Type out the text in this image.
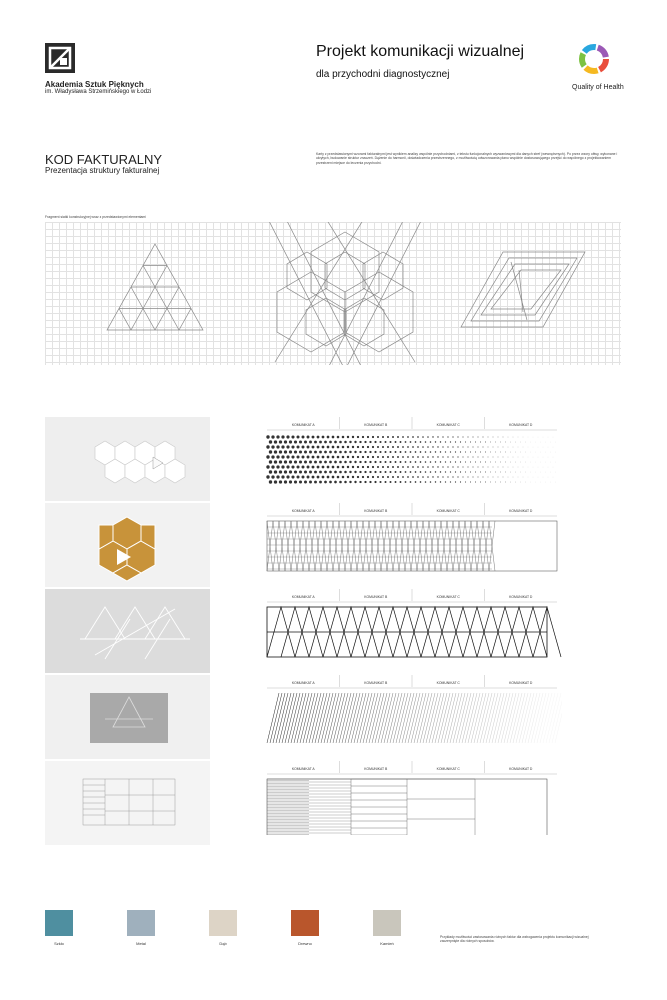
Akademia Sztuk Pięknych
im. Władysława Strzemińskiego w Łodzi
Projekt komunikacji wizualnej
dla przychodni diagnostycznej
Quality of Health
KOD FAKTURALNY
Prezentacja struktury fakturalnej
Karty z przedstawionymi wzorami fakturalnymi jest wynikiem analizy wspólnie przychodniami, z tekstu funkcjonalnych wyzwaniowymi dla danych stref (wewnętrznych). Po przez wzory ołtwy, wykonane i ukrytych, budowanie struktur znaczeń. Dążenie do harmonii, doświadczenia przestrzennego, z możliwością odwzorowania planu wspólnie dostosowującego przejść do wspólnego z projektowaniem przestrzeni miejsce do leczenia przychodni.
Fragment siatki konstrukcyjnej wraz z przedstawionymi elementami
KOMUNIKAT A	KOMUNIKAT B	KOMUNIKAT C	KOMUNIKAT D
KOMUNIKAT A	KOMUNIKAT B	KOMUNIKAT C	KOMUNIKAT D
KOMUNIKAT A	KOMUNIKAT B	KOMUNIKAT C	KOMUNIKAT D
KOMUNIKAT A	KOMUNIKAT B	KOMUNIKAT C	KOMUNIKAT D
KOMUNIKAT A	KOMUNIKAT B	KOMUNIKAT C	KOMUNIKAT D
Szkło	Metal	Dąb	Drewno	Kamień
Przykłady możliwości zastosowania różnych faktur dla wzbogacenia projektu komunikacji wizualnej zaczerpnięte dla różnych sposobów.
